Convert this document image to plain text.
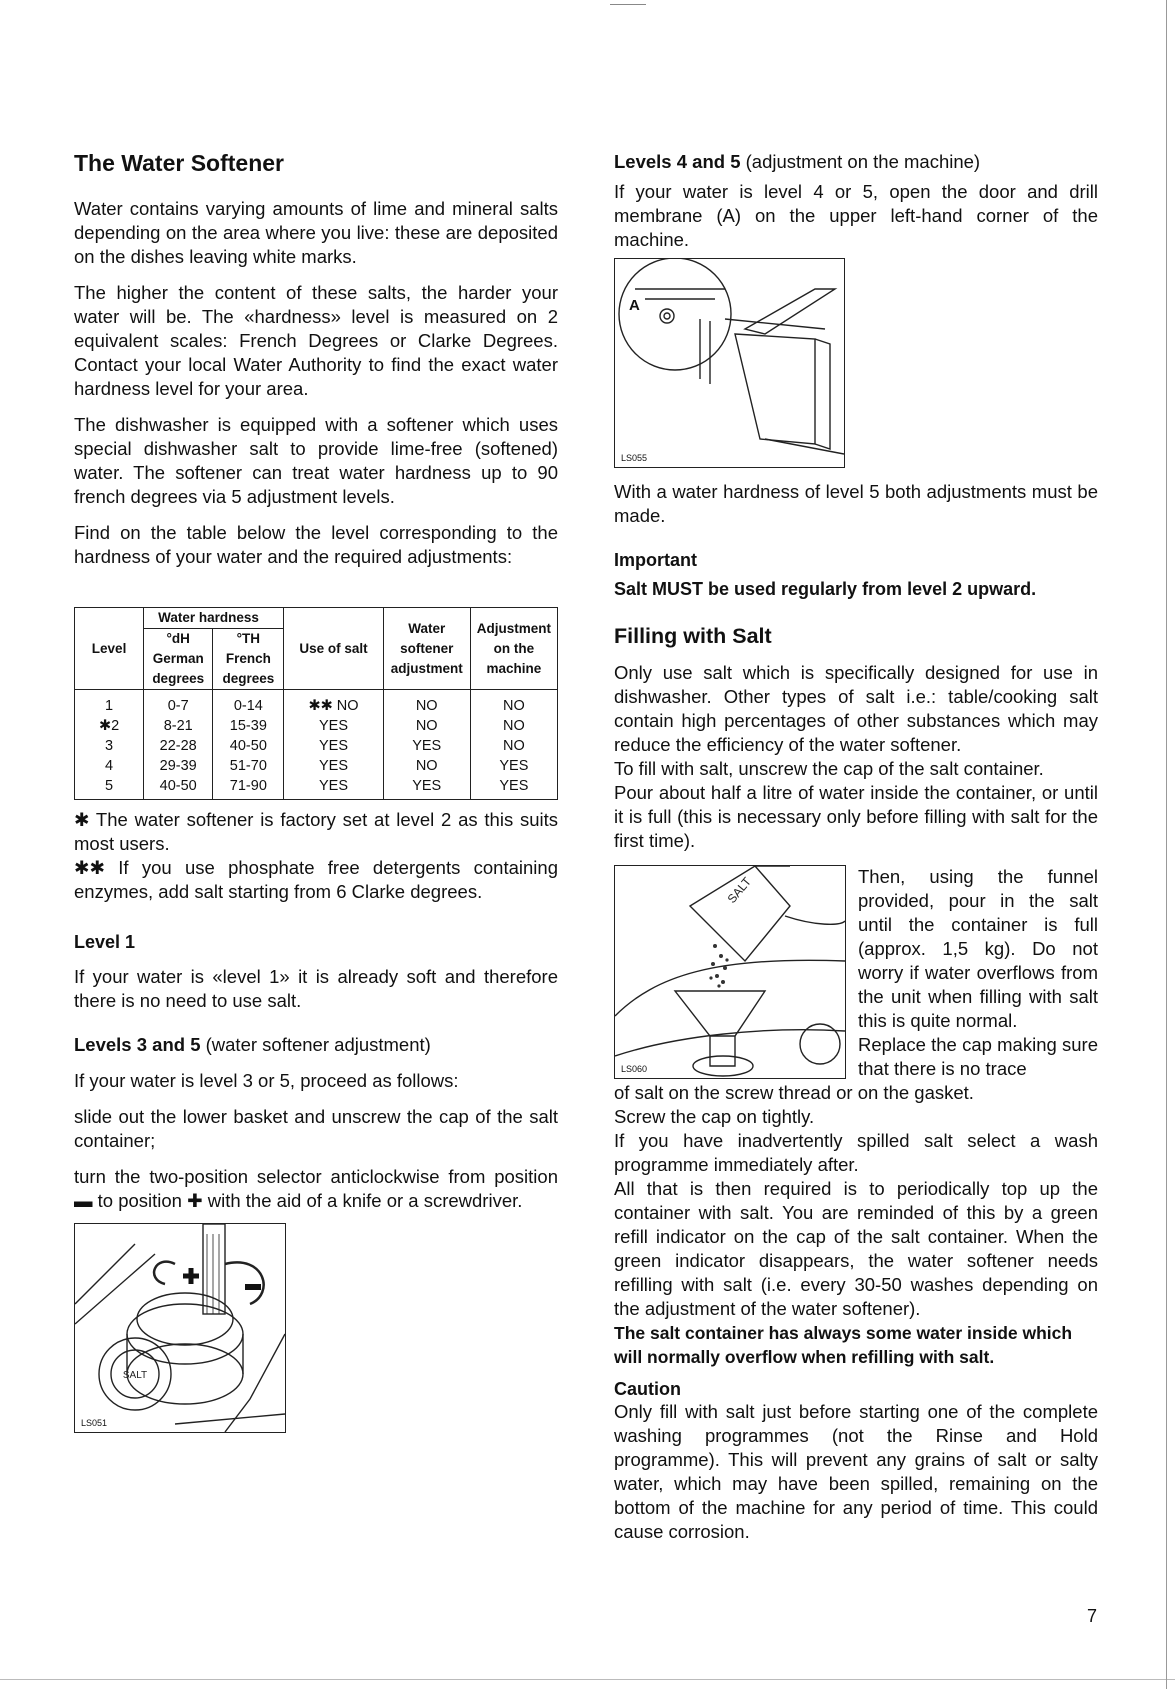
The Water Softener

Water contains varying amounts of lime and mineral salts depending on the area where you live: these are deposited on the dishes leaving white marks.

The higher the content of these salts, the harder your water will be. The «hardness» level is measured on 2 equivalent scales: French Degrees or Clarke Degrees. Contact your local Water Authority to find the exact water hardness level for your area.

The dishwasher is equipped with a softener which uses special dishwasher salt to provide lime-free (softened) water. The softener can treat water hardness up to 90 french degrees via 5 adjustment levels.

Find on the table below the level corresponding to the hardness of your water and the required adjustments:

Level	Water hardness		Use of salt	Water softener adjustment	Adjustment on the machine
	°dH German degrees	°TH French degrees			
1	0-7	0-14	✱✱ NO	NO	NO
✱2	8-21	15-39	YES	NO	NO
3	22-28	40-50	YES	YES	NO
4	29-39	51-70	YES	NO	YES
5	40-50	71-90	YES	YES	YES

✱ The water softener is factory set at level 2 as this suits most users.

✱✱ If you use phosphate free detergents containing enzymes, add salt starting from 6 Clarke degrees.

Level 1

If your water is «level 1» it is already soft and therefore there is no need to use salt.

Levels 3 and 5 (water softener adjustment)

If your water is level 3 or 5, proceed as follows:

slide out the lower basket and unscrew the cap of the salt container;

turn the two-position selector anticlockwise from position ▬ to position ✚ with the aid of a knife or a screwdriver.

SALT
LS051

Levels 4 and 5 (adjustment on the machine)

If your water is level 4 or 5, open the door and drill membrane (A) on the upper left-hand corner of the machine.

A
LS055

With a water hardness of level 5 both adjustments must be made.

Important

Salt MUST be used regularly from level 2 upward.

Filling with Salt

Only use salt which is specifically designed for use in dishwasher. Other types of salt i.e.: table/cooking salt contain high percentages of other substances which may reduce the efficiency of the water softener.

To fill with salt, unscrew the cap of the salt container.

Pour about half a litre of water inside the container, or until it is full (this is necessary only before filling with salt for the first time).

SALT
LS060

Then, using the funnel provided, pour in the salt until the container is full (approx. 1,5 kg). Do not worry if water overflows from the unit when filling with salt this is quite normal.

Replace the cap making sure that there is no trace

of salt on the screw thread or on the gasket.

Screw the cap on tightly.

If you have inadvertently spilled salt select a wash programme immediately after.

All that is then required is to periodically top up the container with salt. You are reminded of this by a green refill indicator on the cap of the salt container. When the green indicator disappears, the water softener needs refilling with salt (i.e. every 30-50 washes depending on the adjustment of the water softener).

The salt container has always some water inside which will normally overflow when refilling with salt.

Caution

Only fill with salt just before starting one of the complete washing programmes (not the Rinse and Hold programme). This will prevent any grains of salt or salty water, which may have been spilled, remaining on the bottom of the machine for any period of time. This could cause corrosion.

7
